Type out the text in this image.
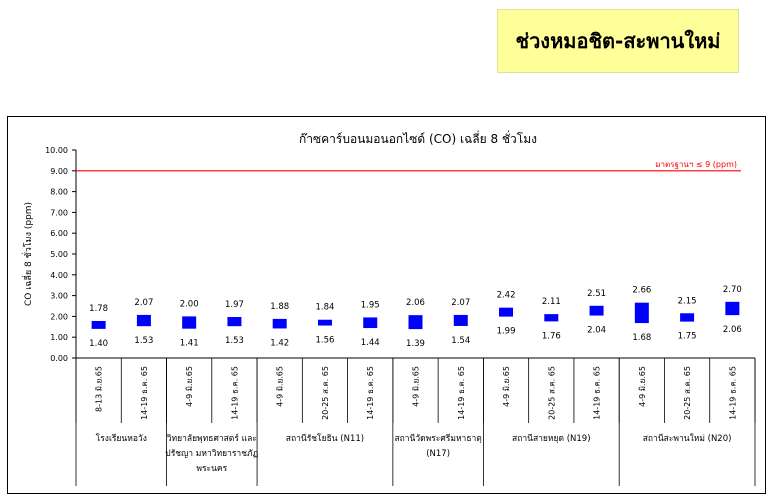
ช่วงหมอชิต-สะพานใหม่
ก๊าซคาร์บอนมอนอกไซด์ (CO) เฉลี่ย 8 ชั่วโมง
CO เฉลี่ย 8 ชั่วโมง (ppm)
0.00
1.00
2.00
3.00
4.00
5.00
6.00
7.00
8.00
9.00
10.00
มาตรฐานฯ ≤ 9 (ppm)
1.78
1.40
8-13 มิ.ย.65
2.07
1.53
14-19 ธ.ค. 65
2.00
1.41
4-9 มิ.ย.65
1.97
1.53
14-19 ธ.ค. 65
1.88
1.42
4-9 มิ.ย.65
1.84
1.56
20-25 ส.ค. 65
1.95
1.44
14-19 ธ.ค. 65
2.06
1.39
4-9 มิ.ย.65
2.07
1.54
14-19 ธ.ค. 65
2.42
1.99
4-9 มิ.ย.65
2.11
1.76
20-25 ส.ค. 65
2.51
2.04
14-19 ธ.ค. 65
2.66
1.68
4-9 มิ.ย.65
2.15
1.75
20-25 ส.ค. 65
2.70
2.06
14-19 ธ.ค. 65
โรงเรียนหอวัง วิทยาลัยพุทธศาสตร์ และ
ปรัชญา มหาวิทยาราชภัฏ
พระนคร
สถานีรัชโยธิน (N11)	สถานีวัดพระศรีมหาธาตุ
(N17)
สถานีสายหยุด (N19)	สถานีสะพานใหม่ (N20)
